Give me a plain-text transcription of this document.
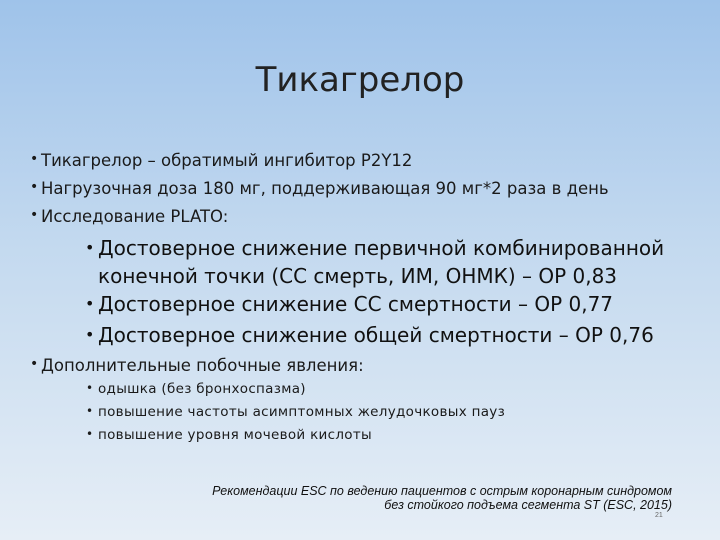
Тикагрелор
• Тикагрелор – обратимый ингибитор P2Y12
• Нагрузочная доза 180 мг, поддерживающая 90 мг*2 раза в день
• Исследование PLATO:
• Достоверное снижение первичной комбинированной конечной точки (СС смерть, ИМ, ОНМК) – ОР 0,83
• Достоверное снижение СС смертности – ОР 0,77
• Достоверное снижение общей смертности – ОР 0,76
• Дополнительные побочные явления:
• одышка (без бронхоспазма)
• повышение частоты асимптомных желудочковых пауз
• повышение уровня мочевой кислоты
Рекомендации ESC по ведению пациентов с острым коронарным синдромом без стойкого подъема сегмента ST (ESC, 2015)
21
